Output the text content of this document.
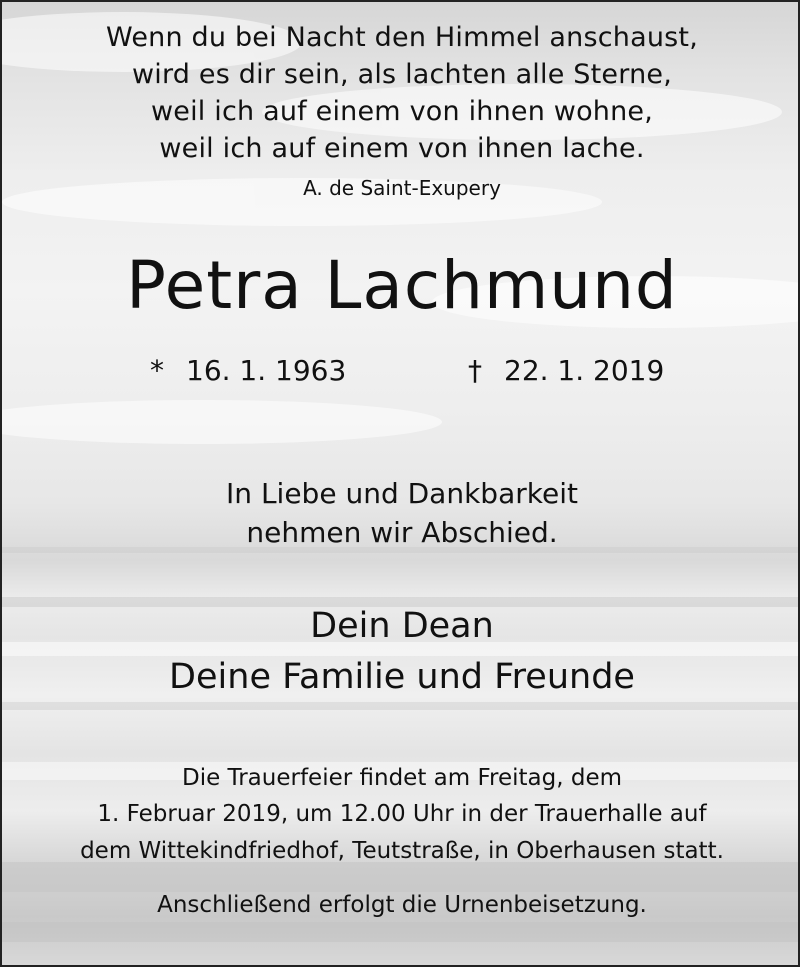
Wenn du bei Nacht den Himmel anschaust,

wird es dir sein, als lachten alle Sterne,

weil ich auf einem von ihnen wohne,

weil ich auf einem von ihnen lache.

A. de Saint-Exupery

Petra Lachmund

* 16. 1. 1963	† 22. 1. 2019

In Liebe und Dankbarkeit

nehmen wir Abschied.

Dein Dean

Deine Familie und Freunde

Die Trauerfeier findet am Freitag, dem

1. Februar 2019, um 12.00 Uhr in der Trauerhalle auf

dem Wittekindfriedhof, Teutstraße, in Oberhausen statt.

Anschließend erfolgt die Urnenbeisetzung.
